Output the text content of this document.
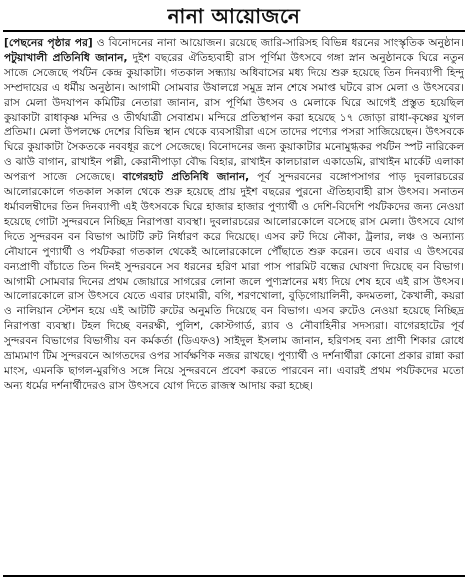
নানা আয়োজনে

[পেছনের পৃষ্ঠার পর] ও বিনোদনের নানা আয়োজন। রয়েছে জারি-সারিসহ বিভিন্ন ধরনের সাংস্কৃতিক অনুষ্ঠান। পটুয়াখালী প্রতিনিধি জানান, দুইশ বছরের ঐতিহ্যবাহী রাস পূর্ণিমা উৎসবে গঙ্গা স্নান অনুষ্ঠানকে ঘিরে নতুন সাজে সেজেছে পর্যটন কেন্দ্র কুয়াকাটা। গতকাল সন্ধ্যায় অধিবাসের মধ্য দিয়ে শুরু হয়েছে তিন দিনব্যাপী হিন্দু সম্প্রদায়ের এ ধর্মীয় অনুষ্ঠান। আগামী সোমবার উষালগ্নে সমুদ্র স্নান শেষে সমাপ্ত ঘটবে রাস মেলা ও উৎসবের। রাস মেলা উদযাপন কমিটির নেতারা জানান, রাস পূর্ণিমা উৎসব ও মেলাকে ঘিরে আগেই প্রস্তুত হয়েছিল কুয়াকাটা রাধাকৃষ্ণ মন্দির ও তীর্থযাত্রী সেবাশ্রম। মন্দিরে প্রতিস্থাপন করা হয়েছে ১৭ জোড়া রাধা-কৃষ্ণের যুগল প্রতিমা। মেলা উপলক্ষে দেশের বিভিন্ন স্থান থেকে ব্যবসায়ীরা এসে তাদের পণ্যের পসরা সাজিয়েছেন। উৎসবকে ঘিরে কুয়াকাটা সৈকতকে নববধূর রূপে সেজেছে। বিনোদনের জন্য কুয়াকাটার মনোমুগ্ধকর পর্যটন স্পট নারিকেল ও ঝাউ বাগান, রাখাইন পল্লী, কেরানীপাড়া বৌদ্ধ বিহার, রাখাইন কালচারাল একাডেমি, রাখাইন মার্কেট এলাকা অপরূপ সাজে সেজেছে। বাগেরহাট প্রতিনিধি জানান, পূর্ব সুন্দরবনের বঙ্গোপসাগর পাড় দুবলারচরের আলোরকোলে গতকাল সকাল থেকে শুরু হয়েছে প্রায় দুইশ বছরের পুরনো ঐতিহ্যবাহী রাস উৎসব। সনাতন ধর্মাবলম্বীদের তিন দিনব্যাপী এই উৎসবকে ঘিরে হাজার হাজার পুণ্যার্থী ও দেশি-বিদেশি পর্যটকদের জন্য নেওয়া হয়েছে গোটা সুন্দরবনে নিচ্ছিদ্র নিরাপত্তা ব্যবস্থা। দুবলারচরের আলোরকোলে বসেছে রাস মেলা। উৎসবে যোগ দিতে সুন্দরবন বন বিভাগ আটটি রুট নির্ধারণ করে দিয়েছে। এসব রুট দিয়ে নৌকা, ট্রলার, লঞ্চ ও অন্যান্য নৌযানে পুণ্যার্থী ও পর্যটকরা গতকাল থেকেই আলোরকোলে পৌঁছাতে শুরু করেন। তবে এবার এ উৎসবের বন্যপ্রাণী বাঁচাতে তিন দিনই সুন্দরবনে সব ধরনের হরিণ মারা পাস পারমিট বন্ধের ঘোষণা দিয়েছে বন বিভাগ। আগামী সোমবার দিনের প্রথম জোয়ারে সাগরের লোনা জলে পুণ্যস্নানের মধ্য দিয়ে শেষ হবে এই রাস উৎসব। আলোরকোলে রাস উৎসবে যেতে এবার ঢাংমারী, বগি, শরণখোলা, বুড়িগোয়ালিনী, কদমতলা, কৈখালী, কয়রা ও নালিয়ান স্টেশন হয়ে এই আটটি রুটের অনুমতি দিয়েছে বন বিভাগ। এসব রুটেও নেওয়া হয়েছে নিচ্ছিদ্র নিরাপত্তা ব্যবস্থা। টহল দিচ্ছে বনরক্ষী, পুলিশ, কোস্টগার্ড, র‍্যাব ও নৌবাহিনীর সদস্যরা। বাগেরহাটের পূর্ব সুন্দরবন বিভাগের বিভাগীয় বন কর্মকর্তা (ডিএফও) সাইদুল ইসলাম জানান, হরিণসহ বন্য প্রাণী শিকার রোধে ভ্রাম্যমাণ টিম সুন্দরবনে আগতদের ওপর সার্বক্ষণিক নজর রাখছে। পুণ্যার্থী ও দর্শনার্থীরা কোনো প্রকার রান্না করা মাংস, এমনকি ছাগল-মুরগিও সঙ্গে নিয়ে সুন্দরবনে প্রবেশ করতে পারবেন না। এবারই প্রথম পর্যটকদের মতো অন্য ধর্মের দর্শনার্থীদেরও রাস উৎসবে যোগ দিতে রাজস্ব আদায় করা হচ্ছে।
